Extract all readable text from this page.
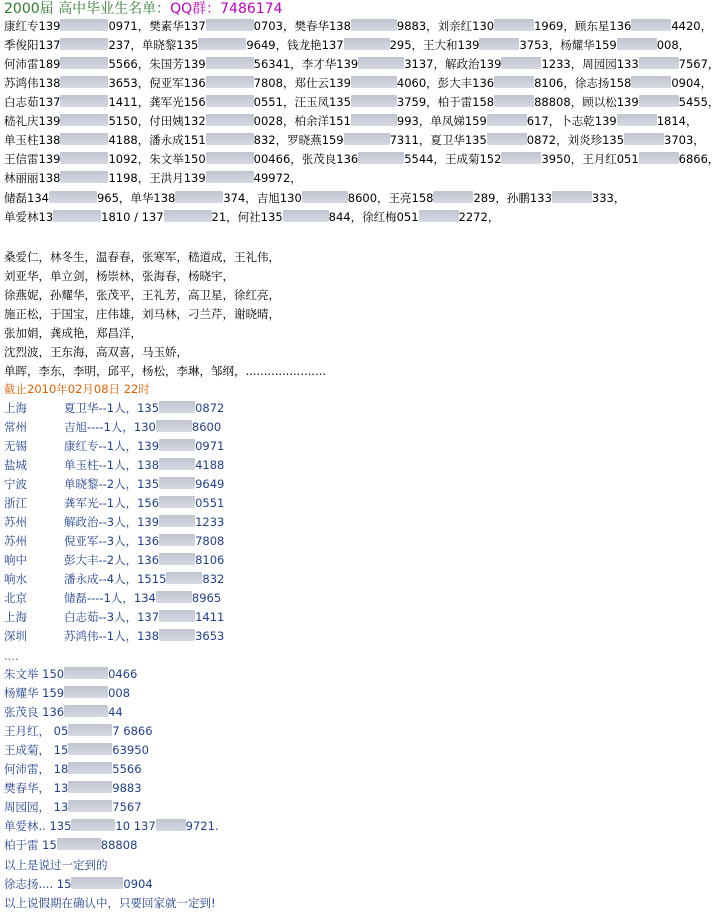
2000届 高中毕业生名单：QQ群：7486174
康红专139	0971，樊素华137	0703，樊春华138	9883，刘亲红130	1969，顾东星136	4420，
季俊阳137	237，单晓黎135	9649，钱龙艳137	295，王大和139	3753，杨耀华159	008，
何沛雷189	5566，朱国芳139	56341，李才华139	3137，解政治139	1233，周园园133	7567，
苏鸿伟138	3653，倪亚军136	7808，郑仕云139	4060，彭大丰136	8106，徐志扬158	0904，
白志茹137	1411，龚军光156	0551，汪玉凤135	3759，柏于雷158	88808，顾以松139	5455，
嵇礼庆139	5150，付田姨132	0028，柏余洋151	993，单凤娣159	617，卜志乾139	1814，
单玉柱138	4188，潘永成151	832，罗晓燕159	7311，夏卫华135	0872，刘炎珍135	3703，
王信雷139	1092，朱文举150	00466，张茂良136	5544，王成菊152	3950，王月红051	6866，
林丽丽138	1198，王洪月139	49972，
储磊134	965，单华138	374，吉旭130	8600，王亮158	289，孙鹏133	333，
单爱林13	1810 / 137	21，何社135	844，徐红梅051	2272，
桑爱仁，林冬生，温春春，张寒军，嵇道成，王礼伟，
刘亚华，单立剑，杨崇林，张海春，杨晓宇，
徐燕妮，孙耀华，张茂平，王礼芳，高卫星，徐红亮，
施正松，于国宝，庄伟雄，刘马林，刁兰芹，谢晓晴，
张加娟，龚成艳，郑昌洋，
沈烈波，王东海，高双喜，马玉娇，
单晖，李东，李明，邱平，杨松，李琳，邹纲，......................
截止2010年02月08日 22时
上海	夏卫华--1人，135	0872
常州	吉旭----1人，130	8600
无锡	康红专--1人，139	0971
盐城	单玉柱--1人，138	4188
宁波	单晓黎--2人，135	9649
浙江	龚军光--1人，156	0551
苏州	解政治--3人，139	1233
苏州	倪亚军--3人，136	7808
响中	彭大丰--2人，136	8106
响水	潘永成--4人，1515	832
北京	储磊----1人，134	8965
上海	白志茹--3人，137	1411
深圳	苏鸿伟--1人，138	3653
....
朱文举 150	0466
杨耀华 159	008
张茂良 136	44
王月红， 05	7 6866
王成菊， 15	63950
何沛雷， 18	5566
樊春华， 13	9883
周园园， 13	7567
单爱林.. 135	10 137	9721.
柏于雷 15	88808
以上是说过一定到的
徐志扬.... 15	0904
以上说假期在确认中，只要回家就一定到!
